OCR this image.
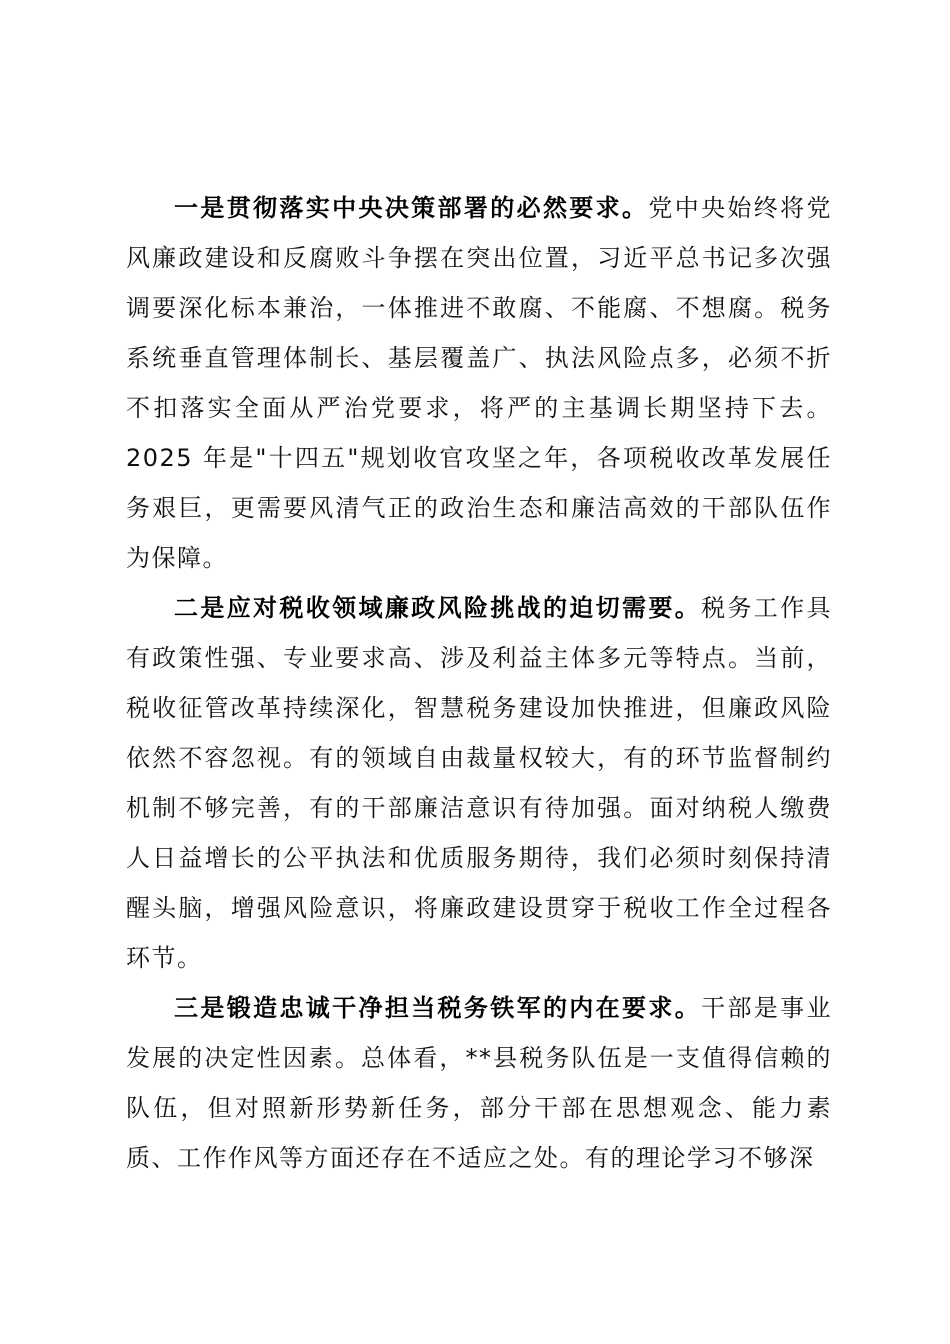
一是贯彻落实中央决策部署的必然要求。党中央始终将党风廉政建设和反腐败斗争摆在突出位置，习近平总书记多次强调要深化标本兼治，一体推进不敢腐、不能腐、不想腐。税务系统垂直管理体制长、基层覆盖广、执法风险点多，必须不折不扣落实全面从严治党要求，将严的主基调长期坚持下去。2025 年是"十四五"规划收官攻坚之年，各项税收改革发展任务艰巨，更需要风清气正的政治生态和廉洁高效的干部队伍作为保障。

二是应对税收领域廉政风险挑战的迫切需要。税务工作具有政策性强、专业要求高、涉及利益主体多元等特点。当前，税收征管改革持续深化，智慧税务建设加快推进，但廉政风险依然不容忽视。有的领域自由裁量权较大，有的环节监督制约机制不够完善，有的干部廉洁意识有待加强。面对纳税人缴费人日益增长的公平执法和优质服务期待，我们必须时刻保持清醒头脑，增强风险意识，将廉政建设贯穿于税收工作全过程各环节。

三是锻造忠诚干净担当税务铁军的内在要求。干部是事业发展的决定性因素。总体看，**县税务队伍是一支值得信赖的队伍，但对照新形势新任务，部分干部在思想观念、能力素质、工作作风等方面还存在不适应之处。有的理论学习不够深
